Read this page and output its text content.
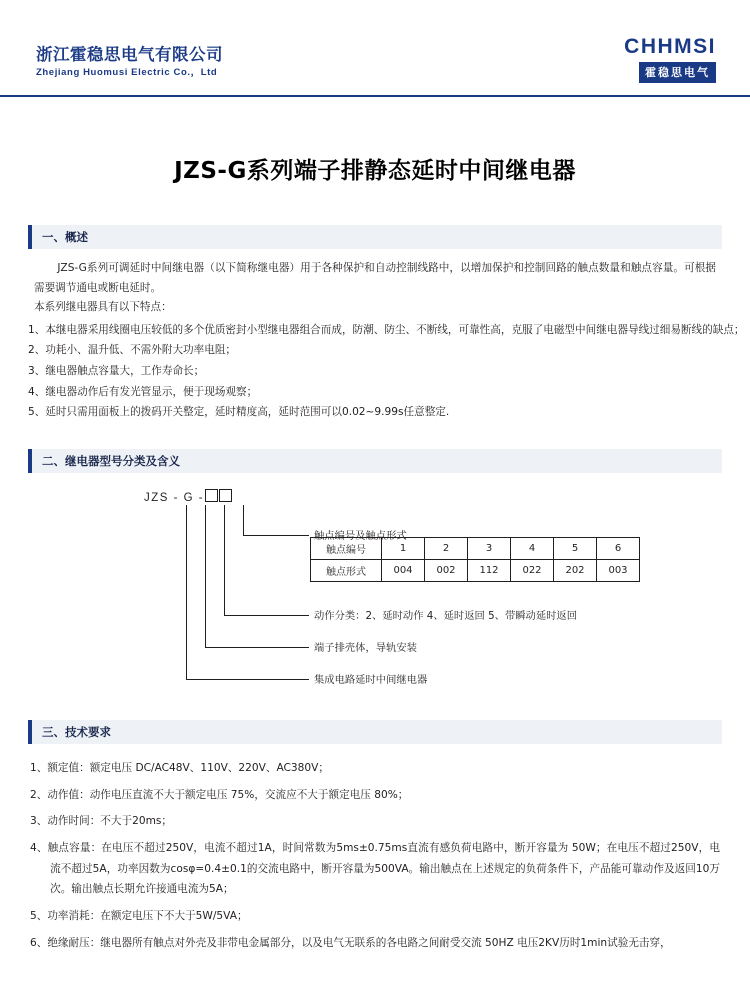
浙江霍稳思电气有限公司
Zhejiang Huomusi Electric Co.，Ltd
CHHMSI
霍稳思电气
JZS-G系列端子排静态延时中间继电器
一、概述
JZS-G系列可调延时中间继电器（以下简称继电器）用于各种保护和自动控制线路中，以增加保护和控制回路的触点数量和触点容量。可根据需要调节通电或断电延时。
本系列继电器具有以下特点：
1、本继电器采用线圈电压较低的多个优质密封小型继电器组合而成，防潮、防尘、不断线，可靠性高，克服了电磁型中间继电器导线过细易断线的缺点；
2、功耗小、温升低、不需外附大功率电阻；
3、继电器触点容量大，工作寿命长；
4、继电器动作后有发光管显示，便于现场观察；
5、延时只需用面板上的拨码开关整定，延时精度高，延时范围可以0.02~9.99s任意整定.
二、继电器型号分类及含义
JZS - G -
触点编号及触点形式
动作分类：2、延时动作 4、延时返回 5、带瞬动延时返回
端子排壳体，导轨安装
集成电路延时中间继电器
触点编号	1	2	3	4	5	6
触点形式	004	002	112	022	202	003
三、技术要求
1、额定值：额定电压 DC/AC48V、110V、220V、AC380V；
2、动作值：动作电压直流不大于额定电压 75%，交流应不大于额定电压 80%；
3、动作时间：不大于20ms；
4、触点容量：在电压不超过250V，电流不超过1A，时间常数为5ms±0.75ms直流有感负荷电路中，断开容量为 50W；在电压不超过250V，电流不超过5A，功率因数为cosφ=0.4±0.1的交流电路中，断开容量为500VA。输出触点在上述规定的负荷条件下，产品能可靠动作及返回10万次。输出触点长期允许接通电流为5A；
5、功率消耗：在额定电压下不大于5W/5VA；
6、绝缘耐压：继电器所有触点对外壳及非带电金属部分，以及电气无联系的各电路之间耐受交流 50HZ 电压2KV历时1min试验无击穿，
